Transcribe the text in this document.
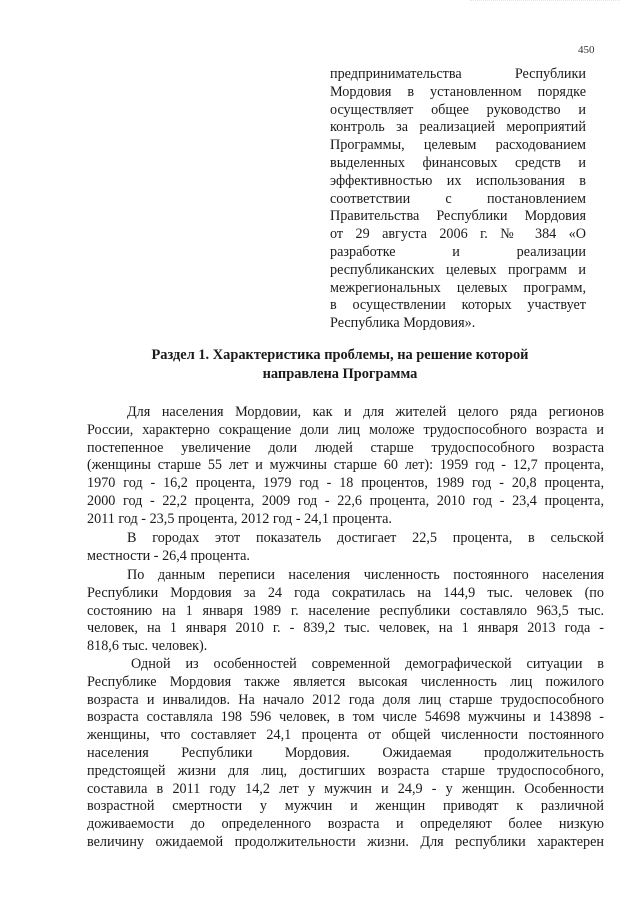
450
предпринимательства Республики
Мордовия в установленном порядке
осуществляет общее руководство и
контроль за реализацией мероприятий
Программы, целевым расходованием
выделенных финансовых средств и
эффективностью их использования в
соответствии с постановлением
Правительства Республики Мордовия
от 29 августа 2006 г. № 384 «О
разработке и реализации
республиканских целевых программ и
межрегиональных целевых программ,
в осуществлении которых участвует
Республика Мордовия».
Раздел 1. Характеристика проблемы, на решение которой
направлена Программа
Для населения Мордовии, как и для жителей целого ряда регионов
России, характерно сокращение доли лиц моложе трудоспособного возраста и
постепенное увеличение доли людей старше трудоспособного возраста
(женщины старше 55 лет и мужчины старше 60 лет): 1959 год - 12,7 процента,
1970 год - 16,2 процента, 1979 год - 18 процентов, 1989 год - 20,8 процента,
2000 год - 22,2 процента, 2009 год - 22,6 процента, 2010 год - 23,4 процента,
2011 год - 23,5 процента, 2012 год - 24,1 процента.
В городах этот показатель достигает 22,5 процента, в сельской
местности - 26,4 процента.
По данным переписи населения численность постоянного населения
Республики Мордовия за 24 года сократилась на 144,9 тыс. человек (по
состоянию на 1 января 1989 г. население республики составляло 963,5 тыс.
человек, на 1 января 2010 г. - 839,2 тыс. человек, на 1 января 2013 года -
818,6 тыс. человек).
Одной из особенностей современной демографической ситуации в
Республике Мордовия также является высокая численность лиц пожилого
возраста и инвалидов. На начало 2012 года доля лиц старше трудоспособного
возраста составляла 198 596 человек, в том числе 54698 мужчины и 143898 -
женщины, что составляет 24,1 процента от общей численности постоянного
населения Республики Мордовия. Ожидаемая продолжительность
предстоящей жизни для лиц, достигших возраста старше трудоспособного,
составила в 2011 году 14,2 лет у мужчин и 24,9 - у женщин. Особенности
возрастной смертности у мужчин и женщин приводят к различной
доживаемости до определенного возраста и определяют более низкую
величину ожидаемой продолжительности жизни. Для республики характерен
